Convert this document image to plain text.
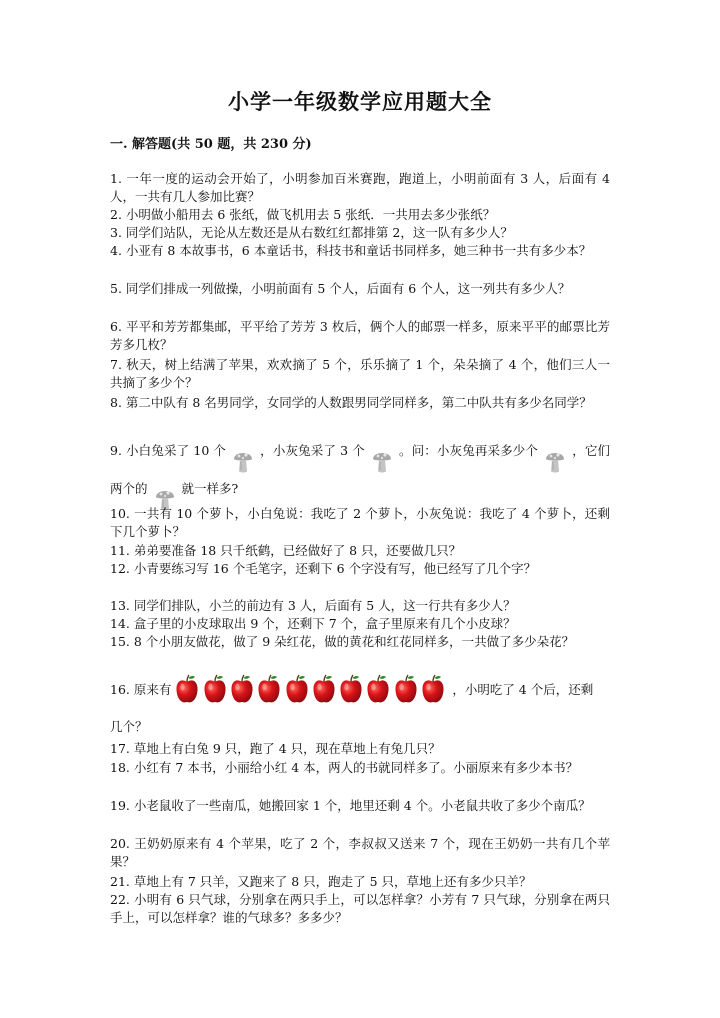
小学一年级数学应用题大全

一. 解答题(共 50 题，共 230 分)

1. 一年一度的运动会开始了，小明参加百米赛跑，跑道上，小明前面有 3 人，后面有 4 人，一共有几人参加比赛？

2. 小明做小船用去 6 张纸，做飞机用去 5 张纸．一共用去多少张纸？

3. 同学们站队，无论从左数还是从右数红红都排第 2，这一队有多少人？

4. 小亚有 8 本故事书，6 本童话书，科技书和童话书同样多，她三种书一共有多少本？

5. 同学们排成一列做操，小明前面有 5 个人，后面有 6 个人，这一列共有多少人？

6. 平平和芳芳都集邮，平平给了芳芳 3 枚后，俩个人的邮票一样多，原来平平的邮票比芳芳多几枚？

7. 秋天，树上结满了苹果，欢欢摘了 5 个，乐乐摘了 1 个，朵朵摘了 4 个，他们三人一共摘了多少个？

8. 第二中队有 8 名男同学，女同学的人数跟男同学同样多，第二中队共有多少名同学？

9. 小白兔采了 10 个	，小灰兔采了 3 个	。问：小灰兔再采多少个	，它们两个的	就一样多?

10. 一共有 10 个萝卜，小白兔说：我吃了 2 个萝卜，小灰兔说：我吃了 4 个萝卜，还剩下几个萝卜？

11. 弟弟要准备 18 只千纸鹤，已经做好了 8 只，还要做几只？

12. 小青要练习写 16 个毛笔字，还剩下 6 个字没有写，他已经写了几个字？

13. 同学们排队，小兰的前边有 3 人，后面有 5 人，这一行共有多少人？

14. 盒子里的小皮球取出 9 个，还剩下 7 个，盒子里原来有几个小皮球？

15. 8 个小朋友做花，做了 9 朵红花，做的黄花和红花同样多，一共做了多少朵花？

16. 原来有	，小明吃了 4 个后，还剩
几个？

17. 草地上有白兔 9 只，跑了 4 只，现在草地上有兔几只？

18. 小红有 7 本书，小丽给小红 4 本，两人的书就同样多了。小丽原来有多少本书？

19. 小老鼠收了一些南瓜，她搬回家 1 个，地里还剩 4 个。小老鼠共收了多少个南瓜？

20. 王奶奶原来有 4 个苹果，吃了 2 个，李叔叔又送来 7 个，现在王奶奶一共有几个苹果？

21. 草地上有 7 只羊，又跑来了 8 只，跑走了 5 只，草地上还有多少只羊？

22. 小明有 6 只气球，分别拿在两只手上，可以怎样拿？小芳有 7 只气球，分别拿在两只手上，可以怎样拿？谁的气球多？多多少？
